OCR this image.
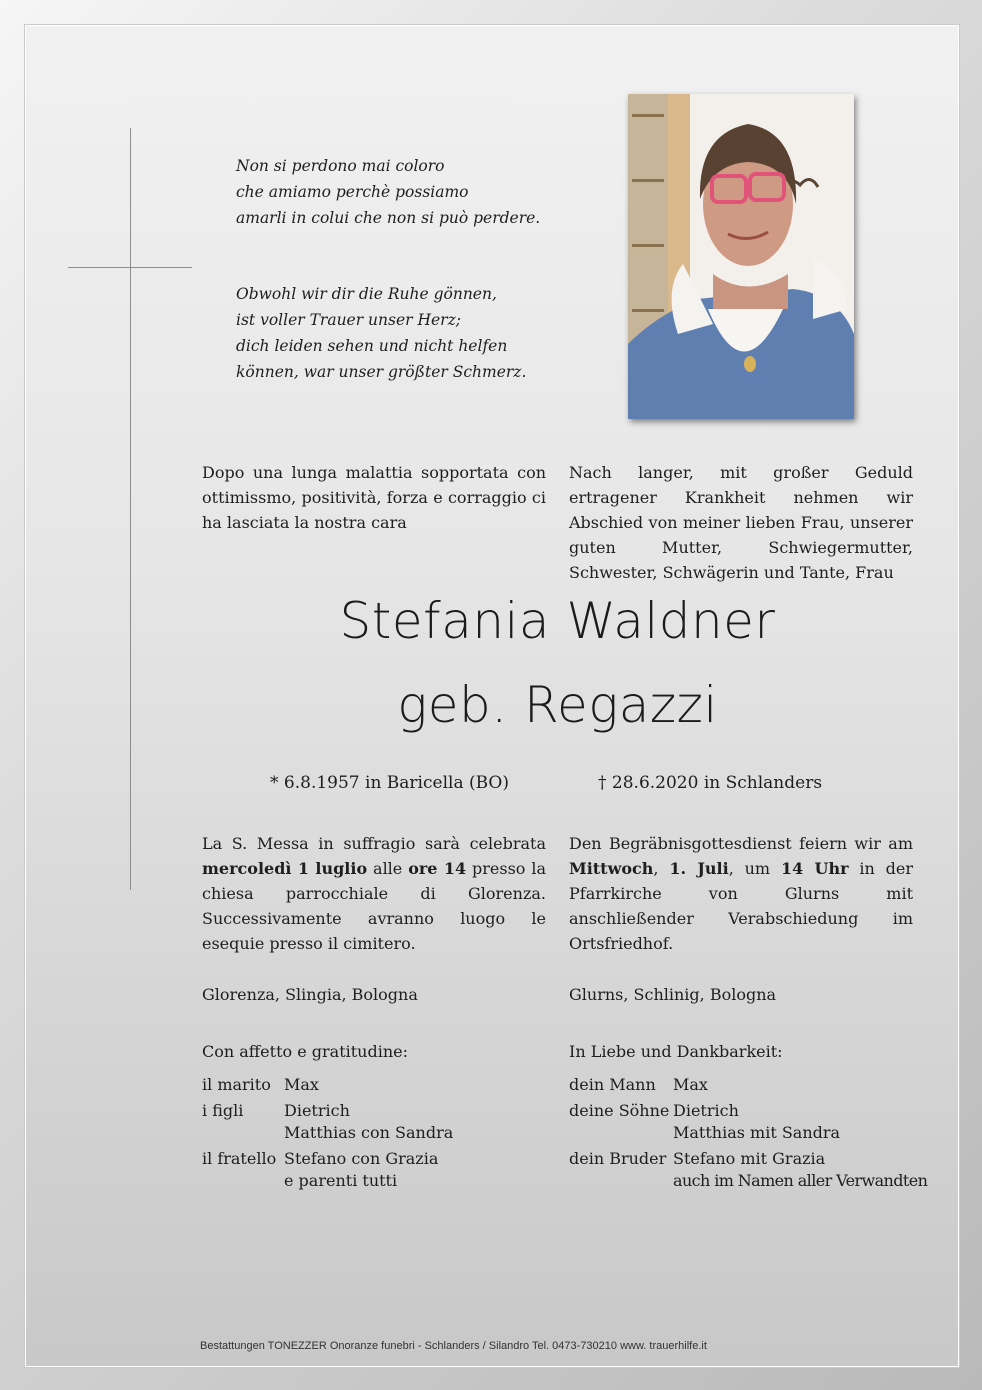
Non si perdono mai coloro
che amiamo perchè possiamo
amarli in colui che non si può perdere.
Obwohl wir dir die Ruhe gönnen,
ist voller Trauer unser Herz;
dich leiden sehen und nicht helfen
können, war unser größter Schmerz.
Dopo una lunga malattia sopportata con ottimissmo, positività, forza e corraggio ci ha lasciata la nostra cara
Nach langer, mit großer Geduld ertragener Krankheit nehmen wir Abschied von meiner lieben Frau, unserer guten Mutter, Schwiegermutter, Schwester, Schwägerin und Tante, Frau
Stefania Waldner
geb. Regazzi
* 6.8.1957 in Baricella (BO)	† 28.6.2020 in Schlanders
La S. Messa in suffragio sarà celebrata mercoledì 1 luglio alle ore 14 presso la chiesa parrocchiale di Glorenza. Successivamente avranno luogo le esequie presso il cimitero.
Den Begräbnisgottesdienst feiern wir am Mittwoch, 1. Juli, um 14 Uhr in der Pfarrkirche von Glurns mit anschließender Verabschiedung im Ortsfriedhof.
Glorenza, Slingia, Bologna	Glurns, Schlinig, Bologna
Con affetto e gratitudine:	In Liebe und Dankbarkeit:
il marito Max
i figli	Dietrich
Matthias con Sandra
il fratello Stefano con Grazia
e parenti tutti
dein Mann	Max
deine Söhne Dietrich
Matthias mit Sandra
dein Bruder Stefano mit Grazia
auch im Namen aller Verwandten
Bestattungen TONEZZER Onoranze funebri - Schlanders / Silandro Tel. 0473-730210 www. trauerhilfe.it
